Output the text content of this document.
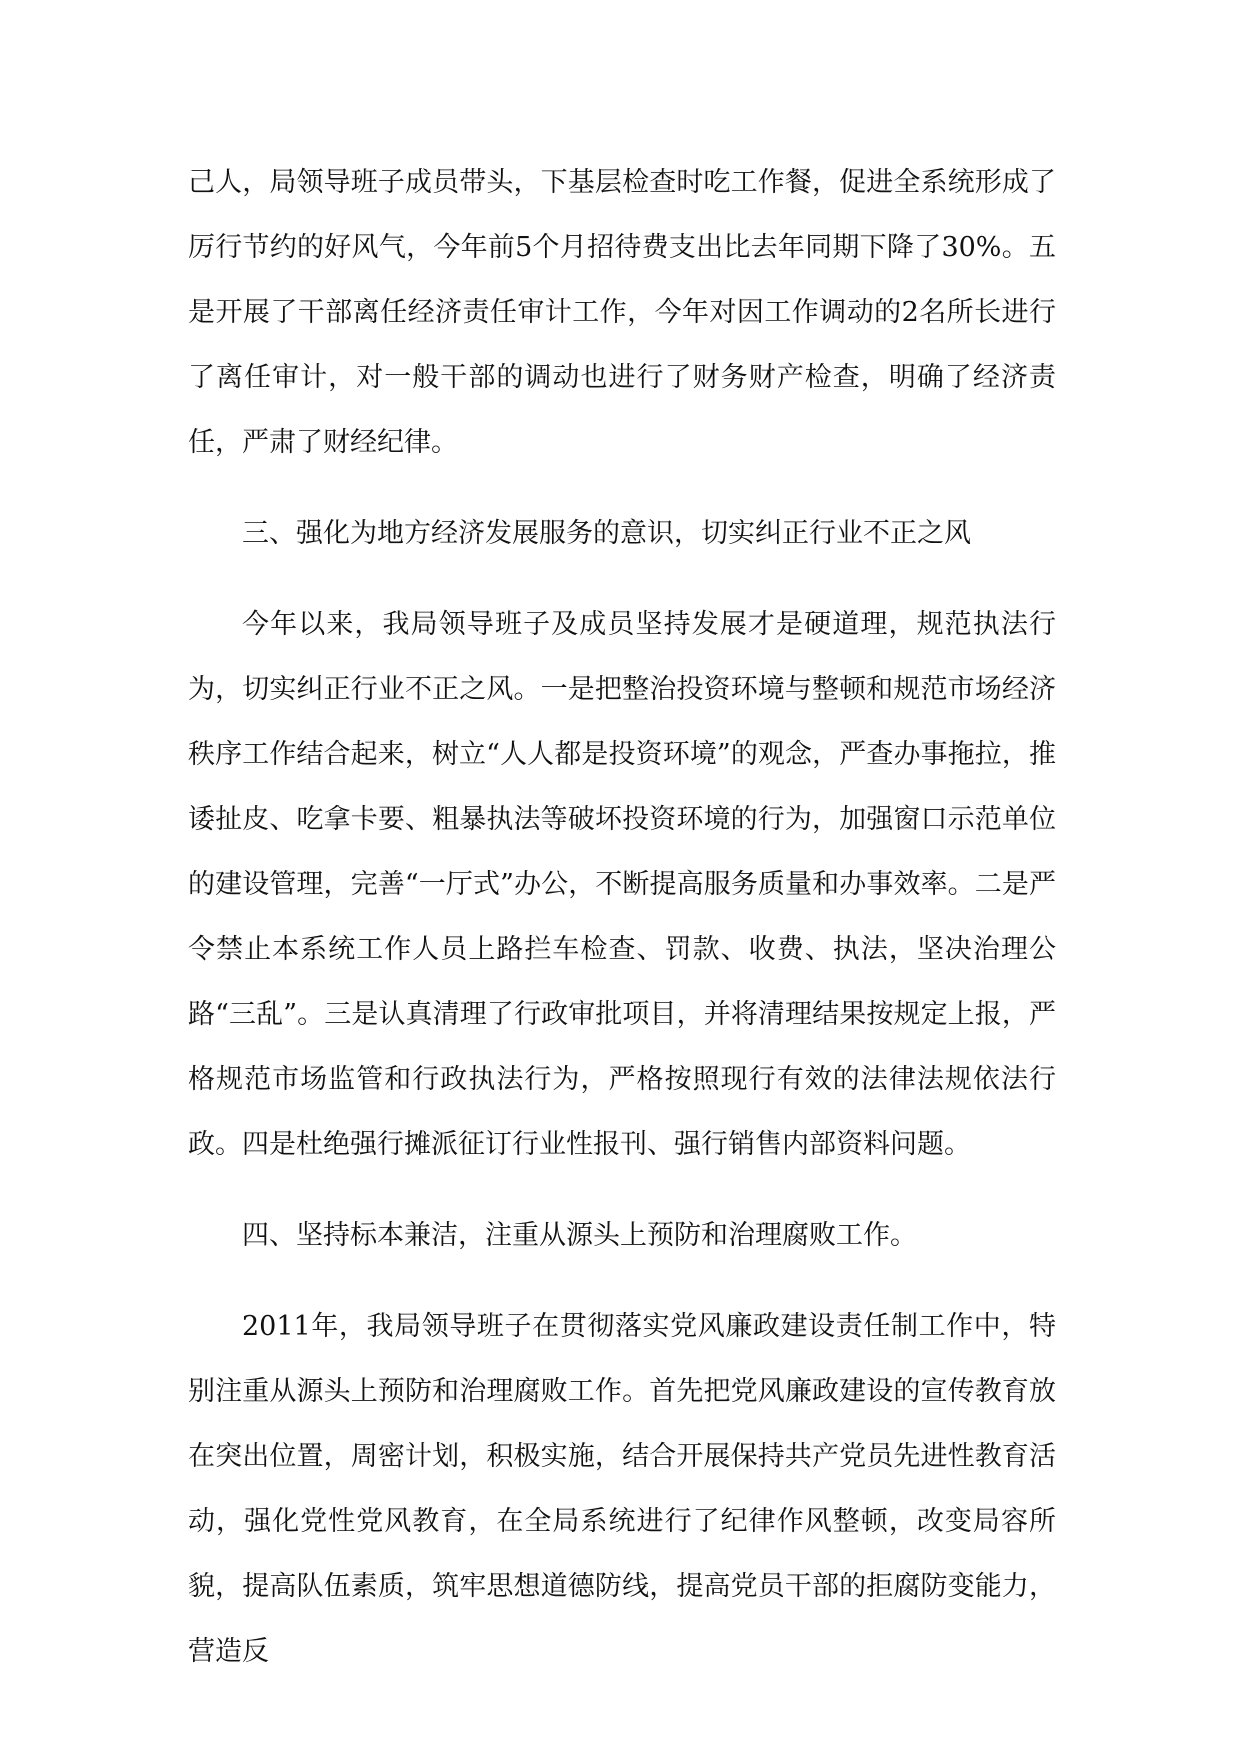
己人，局领导班子成员带头，下基层检查时吃工作餐，促进全系统形成了厉行节约的好风气，今年前5个月招待费支出比去年同期下降了30%。五是开展了干部离任经济责任审计工作，今年对因工作调动的2名所长进行了离任审计，对一般干部的调动也进行了财务财产检查，明确了经济责任，严肃了财经纪律。

三、强化为地方经济发展服务的意识，切实纠正行业不正之风

今年以来，我局领导班子及成员坚持发展才是硬道理，规范执法行为，切实纠正行业不正之风。一是把整治投资环境与整顿和规范市场经济秩序工作结合起来，树立“人人都是投资环境”的观念，严查办事拖拉，推诿扯皮、吃拿卡要、粗暴执法等破坏投资环境的行为，加强窗口示范单位的建设管理，完善“一厅式”办公，不断提高服务质量和办事效率。二是严令禁止本系统工作人员上路拦车检查、罚款、收费、执法，坚决治理公路“三乱”。三是认真清理了行政审批项目，并将清理结果按规定上报，严格规范市场监管和行政执法行为，严格按照现行有效的法律法规依法行政。四是杜绝强行摊派征订行业性报刊、强行销售内部资料问题。

四、坚持标本兼洁，注重从源头上预防和治理腐败工作。

2011年，我局领导班子在贯彻落实党风廉政建设责任制工作中，特别注重从源头上预防和治理腐败工作。首先把党风廉政建设的宣传教育放在突出位置，周密计划，积极实施，结合开展保持共产党员先进性教育活动，强化党性党风教育，在全局系统进行了纪律作风整顿，改变局容所貌，提高队伍素质，筑牢思想道德防线，提高党员干部的拒腐防变能力，营造反
